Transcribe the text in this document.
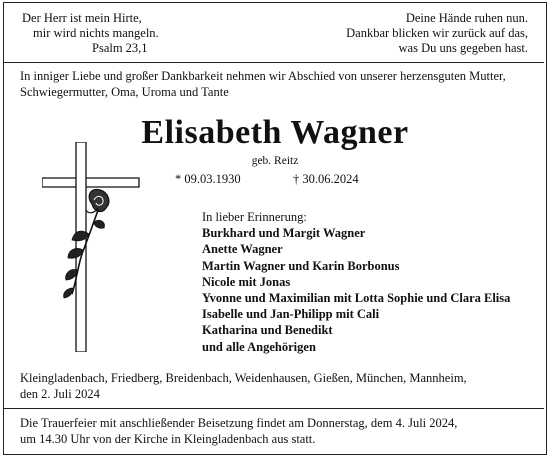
Der Herr ist mein Hirte,
mir wird nichts mangeln.
Psalm 23,1
Deine Hände ruhen nun.
Dankbar blicken wir zurück auf das,
was Du uns gegeben hast.
In inniger Liebe und großer Dankbarkeit nehmen wir Abschied von unserer herzensguten Mutter,
Schwiegermutter, Oma, Uroma und Tante
Elisabeth Wagner
geb. Reitz
* 09.03.1930	† 30.06.2024
In lieber Erinnerung:
Burkhard und Margit Wagner
Anette Wagner
Martin Wagner und Karin Borbonus
Nicole mit Jonas
Yvonne und Maximilian mit Lotta Sophie und Clara Elisa
Isabelle und Jan-Philipp mit Cali
Katharina und Benedikt
und alle Angehörigen
Kleingladenbach, Friedberg, Breidenbach, Weidenhausen, Gießen, München, Mannheim,
den 2. Juli 2024
Die Trauerfeier mit anschließender Beisetzung findet am Donnerstag, dem 4. Juli 2024,
um 14.30 Uhr von der Kirche in Kleingladenbach aus statt.
